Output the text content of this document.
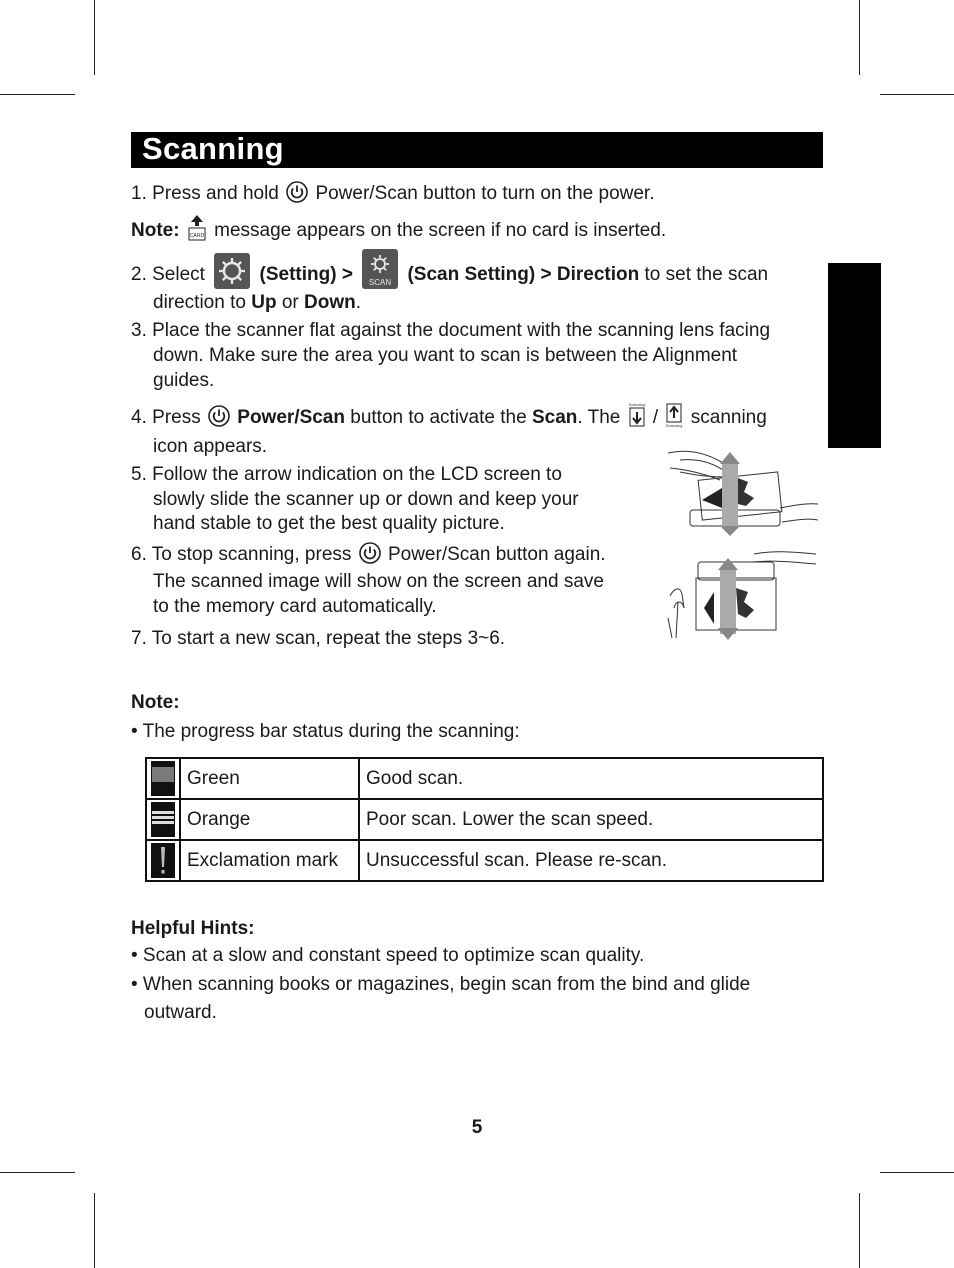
Scanning
1. Press and hold Power/Scan button to turn on the power.
Note: CARD message appears on the screen if no card is inserted.
2. Select	(Setting) > SCAN (Scan Setting) > Direction to set the scan
direction to Up or Down.
3. Place the scanner flat against the document with the scanning lens facing
down. Make sure the area you want to scan is between the Alignment
guides.
4. Press Power/Scan button to activate the Scan. The
Scanning
/ Scanning scanning
icon appears.
5. Follow the arrow indication on the LCD screen to
slowly slide the scanner up or down and keep your
hand stable to get the best quality picture.
6. To stop scanning, press Power/Scan button again.
The scanned image will show on the screen and save
to the memory card automatically.
7. To start a new scan, repeat the steps 3~6.
Note:
• The progress bar status during the scanning:
	Green	Good scan.
	Orange	Poor scan. Lower the scan speed.
	Exclamation mark	Unsuccessful scan. Please re-scan.
Helpful Hints:
• Scan at a slow and constant speed to optimize scan quality.
• When scanning books or magazines, begin scan from the bind and glide
outward.
5
